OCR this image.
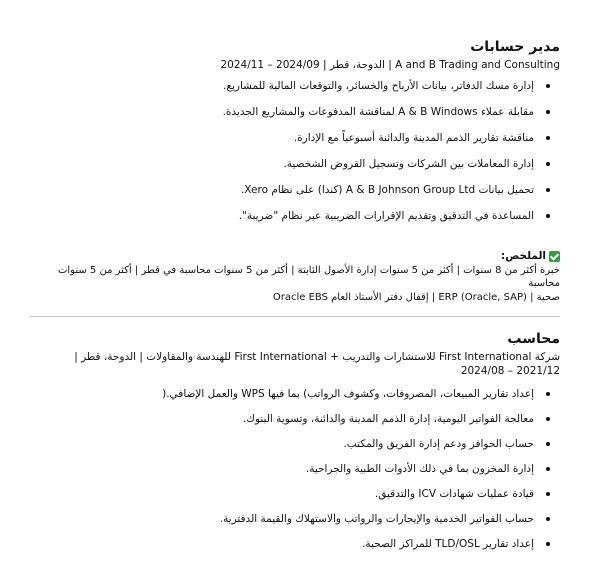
مدير حسابات
A and B Trading and Consulting | الدوحة، قطر | 2024/09 – 2024/11
إدارة مسك الدفاتر، بيانات الأرباح والخسائر، والتوقعات المالية للمشاريع.
مقابلة عملاء A & B Windows لمناقشة المدفوعات والمشاريع الجديدة.
مناقشة تقارير الذمم المدينة والدائنة أسبوعياً مع الإدارة.
إدارة المعاملات بين الشركات وتسجيل القروض الشخصية.
تحميل بيانات A & B Johnson Group Ltd (كندا) على نظام Xero.
المساعدة في التدقيق وتقديم الإقرارات الضريبية عبر نظام "ضريبة".
الملخص:
خبرة أكثر من 8 سنوات | أكثر من 5 سنوات إدارة الأصول الثابتة | أكثر من 5 سنوات محاسبة في قطر | أكثر من 5 سنوات محاسبة
صحية | ERP (Oracle, SAP) | إقفال دفتر الأستاذ العام Oracle EBS
محاسب
شركة First International للاستشارات والتدريب + First International للهندسة والمقاولات | الدوحة، قطر | 2021/12 – 2024/08
إعداد تقارير المبيعات، المصروفات، وكشوف الرواتب) بما فيها WPS والعمل الإضافي.(
معالجة الفواتير اليومية، إدارة الذمم المدينة والدائنة، وتسوية البنوك.
حساب الحوافز ودعم إدارة الفريق والمكتب.
إدارة المخزون بما في ذلك الأدوات الطبية والجراحية.
قيادة عمليات شهادات ICV والتدقيق.
حساب الفواتير الخدمية والإيجارات والرواتب والاستهلاك والقيمة الدفترية.
إعداد تقارير TLD/OSL للمراكز الصحية.
